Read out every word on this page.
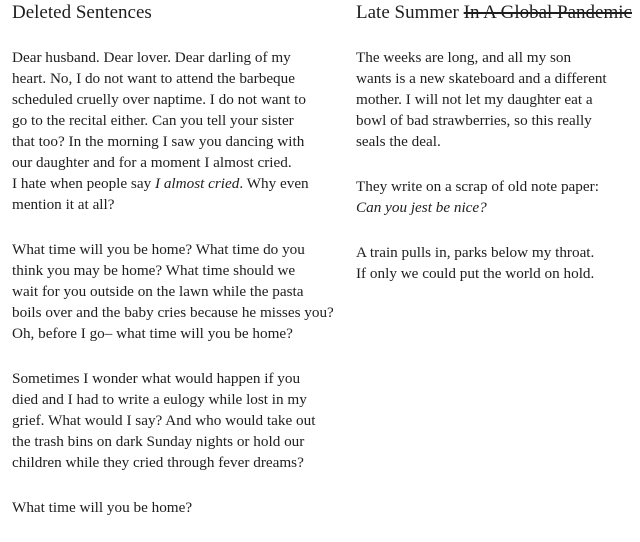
Deleted Sentences

Dear husband. Dear lover. Dear darling of my
heart. No, I do not want to attend the barbeque
scheduled cruelly over naptime. I do not want to
go to the recital either. Can you tell your sister
that too? In the morning I saw you dancing with
our daughter and for a moment I almost cried.
I hate when people say I almost cried. Why even
mention it at all?

What time will you be home? What time do you
think you may be home? What time should we
wait for you outside on the lawn while the pasta
boils over and the baby cries because he misses you?
Oh, before I go– what time will you be home?

Sometimes I wonder what would happen if you
died and I had to write a eulogy while lost in my
grief. What would I say? And who would take out
the trash bins on dark Sunday nights or hold our
children while they cried through fever dreams?

What time will you be home?

Late Summer In A Global Pandemic

The weeks are long, and all my son
wants is a new skateboard and a different
mother. I will not let my daughter eat a
bowl of bad strawberries, so this really
seals the deal.

They write on a scrap of old note paper:
Can you jest be nice?

A train pulls in, parks below my throat.
If only we could put the world on hold.
